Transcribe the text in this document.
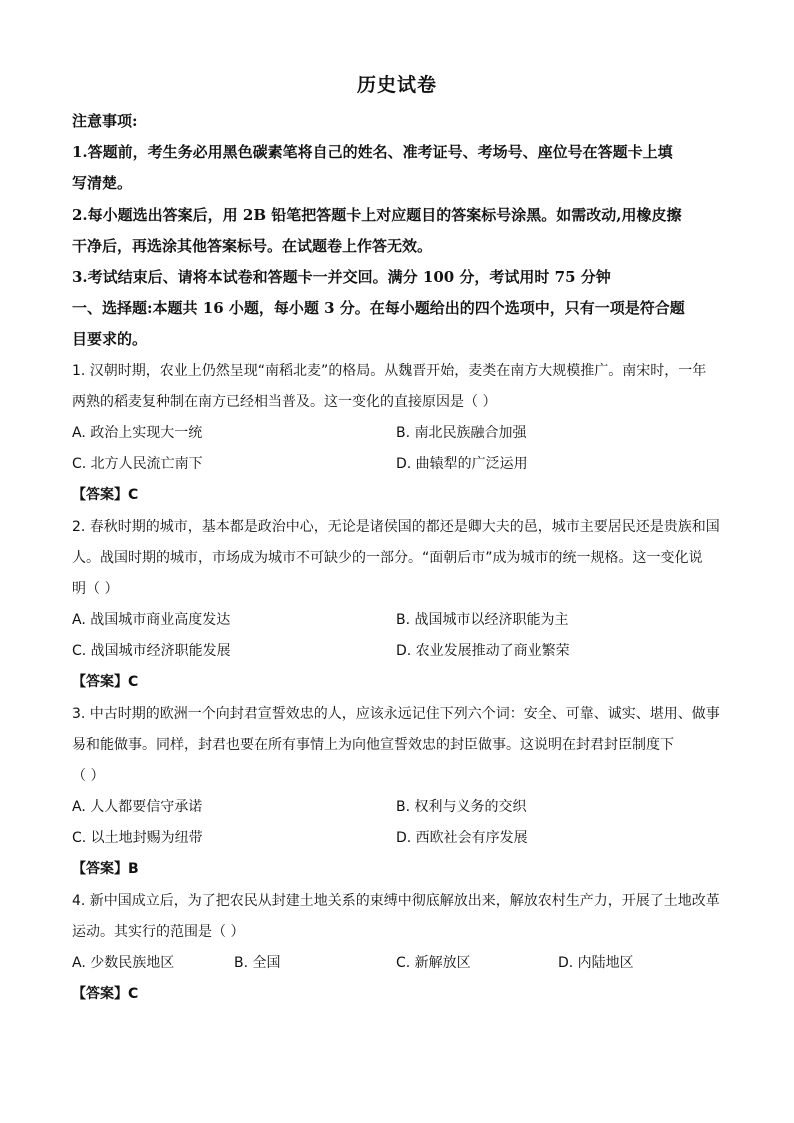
历史试卷
注意事项:
1.答题前，考生务必用黑色碳素笔将自己的姓名、准考证号、考场号、座位号在答题卡上填
写清楚。
2.每小题选出答案后，用 2B 铅笔把答题卡上对应题目的答案标号涂黑。如需改动,用橡皮擦
干净后，再选涂其他答案标号。在试题卷上作答无效。
3.考试结束后、请将本试卷和答题卡一并交回。满分 100 分，考试用时 75 分钟
一、选择题:本题共 16 小题，每小题 3 分。在每小题给出的四个选项中，只有一项是符合题
目要求的。
1. 汉朝时期，农业上仍然呈现“南稻北麦”的格局。从魏晋开始，麦类在南方大规模推广。南宋时，一年
两熟的稻麦复种制在南方已经相当普及。这一变化的直接原因是（ ）
A. 政治上实现大一统	B. 南北民族融合加强
C. 北方人民流亡南下	D. 曲辕犁的广泛运用
【答案】C
2. 春秋时期的城市，基本都是政治中心，无论是诸侯国的都还是卿大夫的邑，城市主要居民还是贵族和国
人。战国时期的城市，市场成为城市不可缺少的一部分。“面朝后市”成为城市的统一规格。这一变化说
明（ ）
A. 战国城市商业高度发达	B. 战国城市以经济职能为主
C. 战国城市经济职能发展	D. 农业发展推动了商业繁荣
【答案】C
3. 中古时期的欧洲一个向封君宣誓效忠的人，应该永远记住下列六个词：安全、可靠、诚实、堪用、做事
易和能做事。同样，封君也要在所有事情上为向他宣誓效忠的封臣做事。这说明在封君封臣制度下
（ ）
A. 人人都要信守承诺	B. 权利与义务的交织
C. 以土地封赐为纽带	D. 西欧社会有序发展
【答案】B
4. 新中国成立后，为了把农民从封建土地关系的束缚中彻底解放出来，解放农村生产力，开展了土地改革
运动。其实行的范围是（ ）
A. 少数民族地区	B. 全国	C. 新解放区	D. 内陆地区
【答案】C
